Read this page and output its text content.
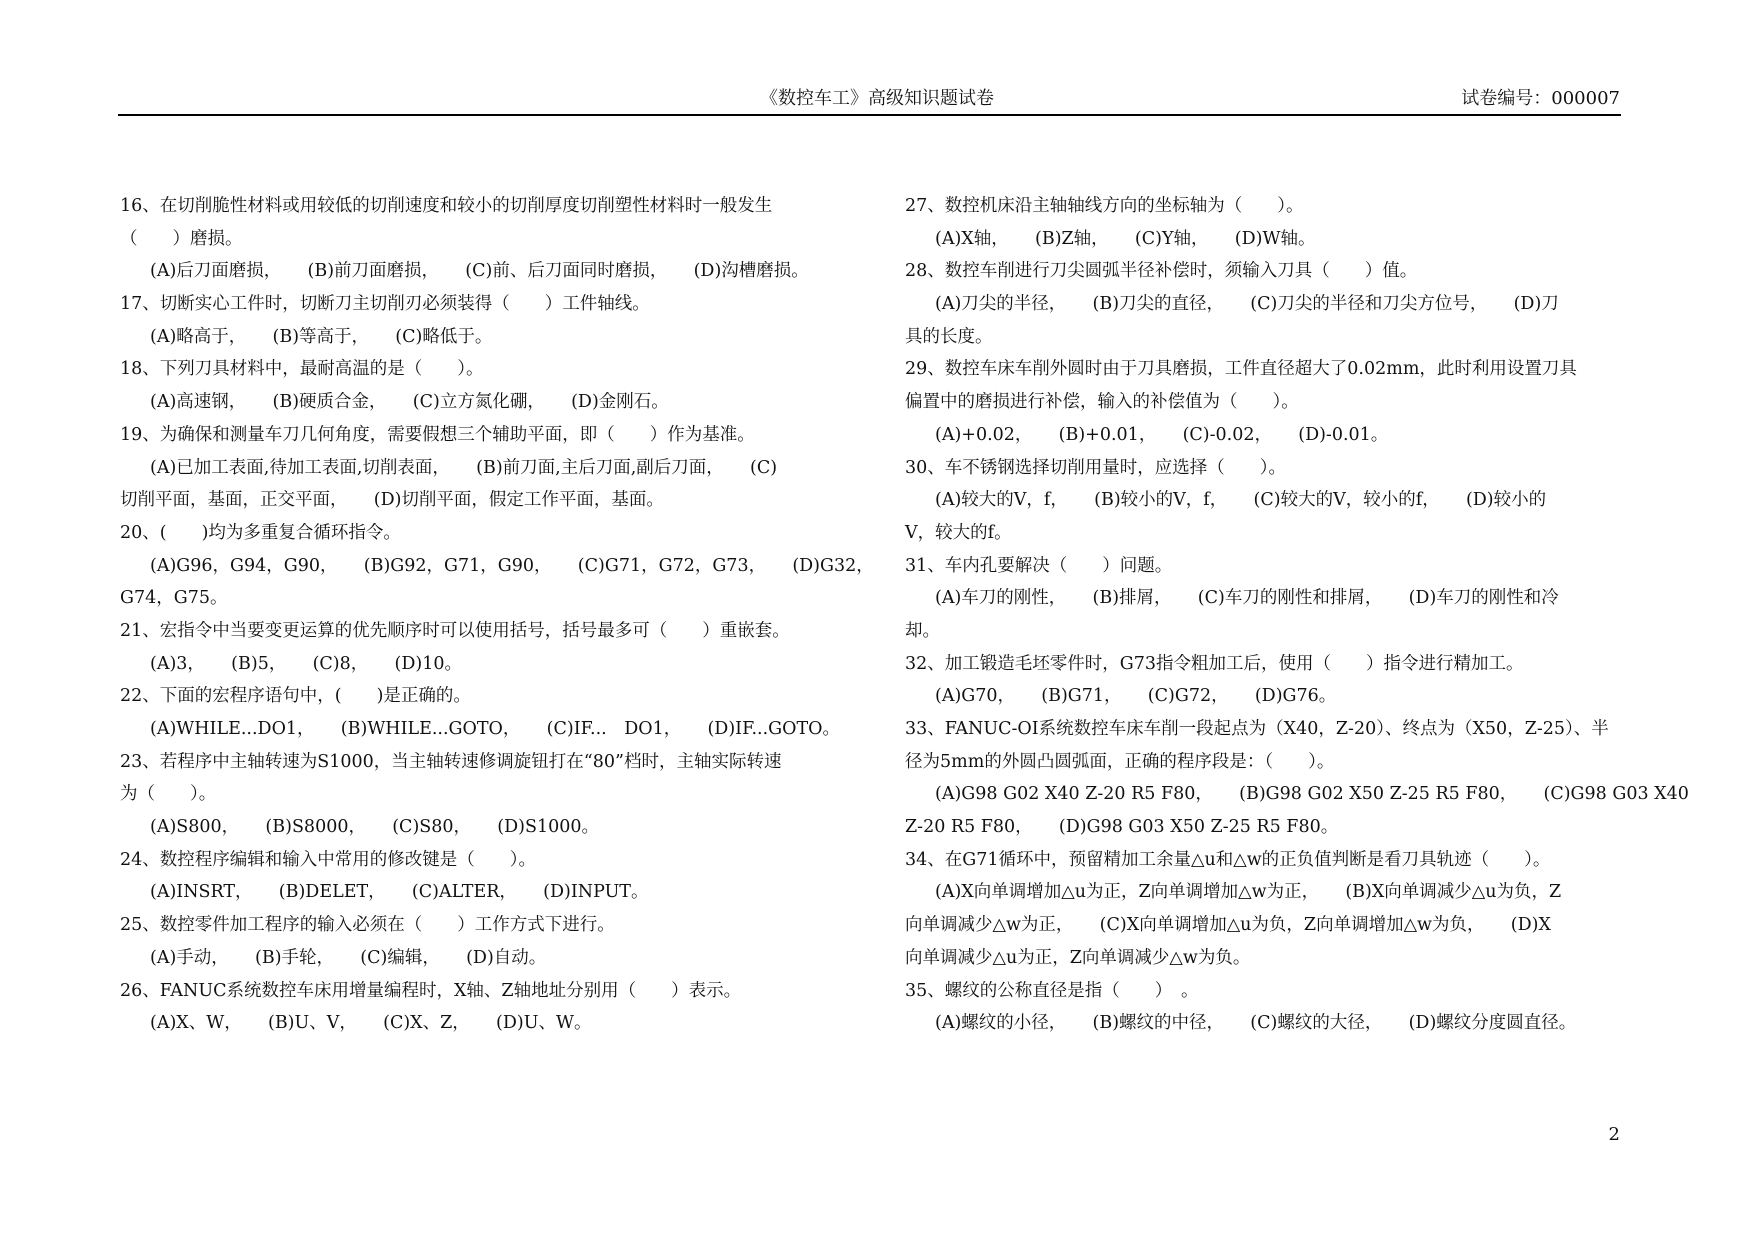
《数控车工》高级知识题试卷	试卷编号：000007
16、在切削脆性材料或用较低的切削速度和较小的切削厚度切削塑性材料时一般发生
（　　）磨损。
(A)后刀面磨损，　　(B)前刀面磨损，　　(C)前、后刀面同时磨损，　　(D)沟槽磨损。
17、切断实心工件时，切断刀主切削刃必须装得（　　）工件轴线。
(A)略高于，　　(B)等高于，　　(C)略低于。
18、下列刀具材料中，最耐高温的是（　　）。
(A)高速钢，　　(B)硬质合金，　　(C)立方氮化硼，　　(D)金刚石。
19、为确保和测量车刀几何角度，需要假想三个辅助平面，即（　　）作为基准。
(A)已加工表面,待加工表面,切削表面，　　(B)前刀面,主后刀面,副后刀面，　　(C)
切削平面，基面，正交平面，　　(D)切削平面，假定工作平面，基面。
20、(　　)均为多重复合循环指令。
(A)G96，G94，G90，　　(B)G92，G71，G90，　　(C)G71，G72，G73，　　(D)G32，
G74，G75。
21、宏指令中当要变更运算的优先顺序时可以使用括号，括号最多可（　　）重嵌套。
(A)3，　　(B)5，　　(C)8，　　(D)10。
22、下面的宏程序语句中，(　　)是正确的。
(A)WHILE...DO1，　　(B)WHILE...GOTO，　　(C)IF...　DO1，　　(D)IF...GOTO。
23、若程序中主轴转速为S1000，当主轴转速修调旋钮打在“80”档时，主轴实际转速
为（　　）。
(A)S800，　　(B)S8000，　　(C)S80，　　(D)S1000。
24、数控程序编辑和输入中常用的修改键是（　　）。
(A)INSRT，　　(B)DELET，　　(C)ALTER，　　(D)INPUT。
25、数控零件加工程序的输入必须在（　　）工作方式下进行。
(A)手动，　　(B)手轮，　　(C)编辑，　　(D)自动。
26、FANUC系统数控车床用增量编程时，X轴、Z轴地址分别用（　　）表示。
(A)X、W，　　(B)U、V，　　(C)X、Z，　　(D)U、W。
27、数控机床沿主轴轴线方向的坐标轴为（　　）。
(A)X轴，　　(B)Z轴，　　(C)Y轴，　　(D)W轴。
28、数控车削进行刀尖圆弧半径补偿时，须输入刀具（　　）值。
(A)刀尖的半径，　　(B)刀尖的直径，　　(C)刀尖的半径和刀尖方位号，　　(D)刀
具的长度。
29、数控车床车削外圆时由于刀具磨损，工件直径超大了0.02mm，此时利用设置刀具
偏置中的磨损进行补偿，输入的补偿值为（　　）。
(A)+0.02，　　(B)+0.01，　　(C)-0.02，　　(D)-0.01。
30、车不锈钢选择切削用量时，应选择（　　）。
(A)较大的V，f，　　(B)较小的V，f，　　(C)较大的V，较小的f，　　(D)较小的
V，较大的f。
31、车内孔要解决（　　）问题。
(A)车刀的刚性，　　(B)排屑，　　(C)车刀的刚性和排屑，　　(D)车刀的刚性和冷
却。
32、加工锻造毛坯零件时，G73指令粗加工后，使用（　　）指令进行精加工。
(A)G70，　　(B)G71，　　(C)G72，　　(D)G76。
33、FANUC-OI系统数控车床车削一段起点为（X40，Z-20）、终点为（X50，Z-25）、半
径为5mm的外圆凸圆弧面，正确的程序段是：（　　）。
(A)G98 G02 X40 Z-20 R5 F80，　　(B)G98 G02 X50 Z-25 R5 F80，　　(C)G98 G03 X40
Z-20 R5 F80，　　(D)G98 G03 X50 Z-25 R5 F80。
34、在G71循环中，预留精加工余量△u和△w的正负值判断是看刀具轨迹（　　）。
(A)X向单调增加△u为正，Z向单调增加△w为正，　　(B)X向单调减少△u为负，Z
向单调减少△w为正，　　(C)X向单调增加△u为负，Z向单调增加△w为负，　　(D)X
向单调减少△u为正，Z向单调减少△w为负。
35、螺纹的公称直径是指（　　）　。
(A)螺纹的小径，　　(B)螺纹的中径，　　(C)螺纹的大径，　　(D)螺纹分度圆直径。
2
